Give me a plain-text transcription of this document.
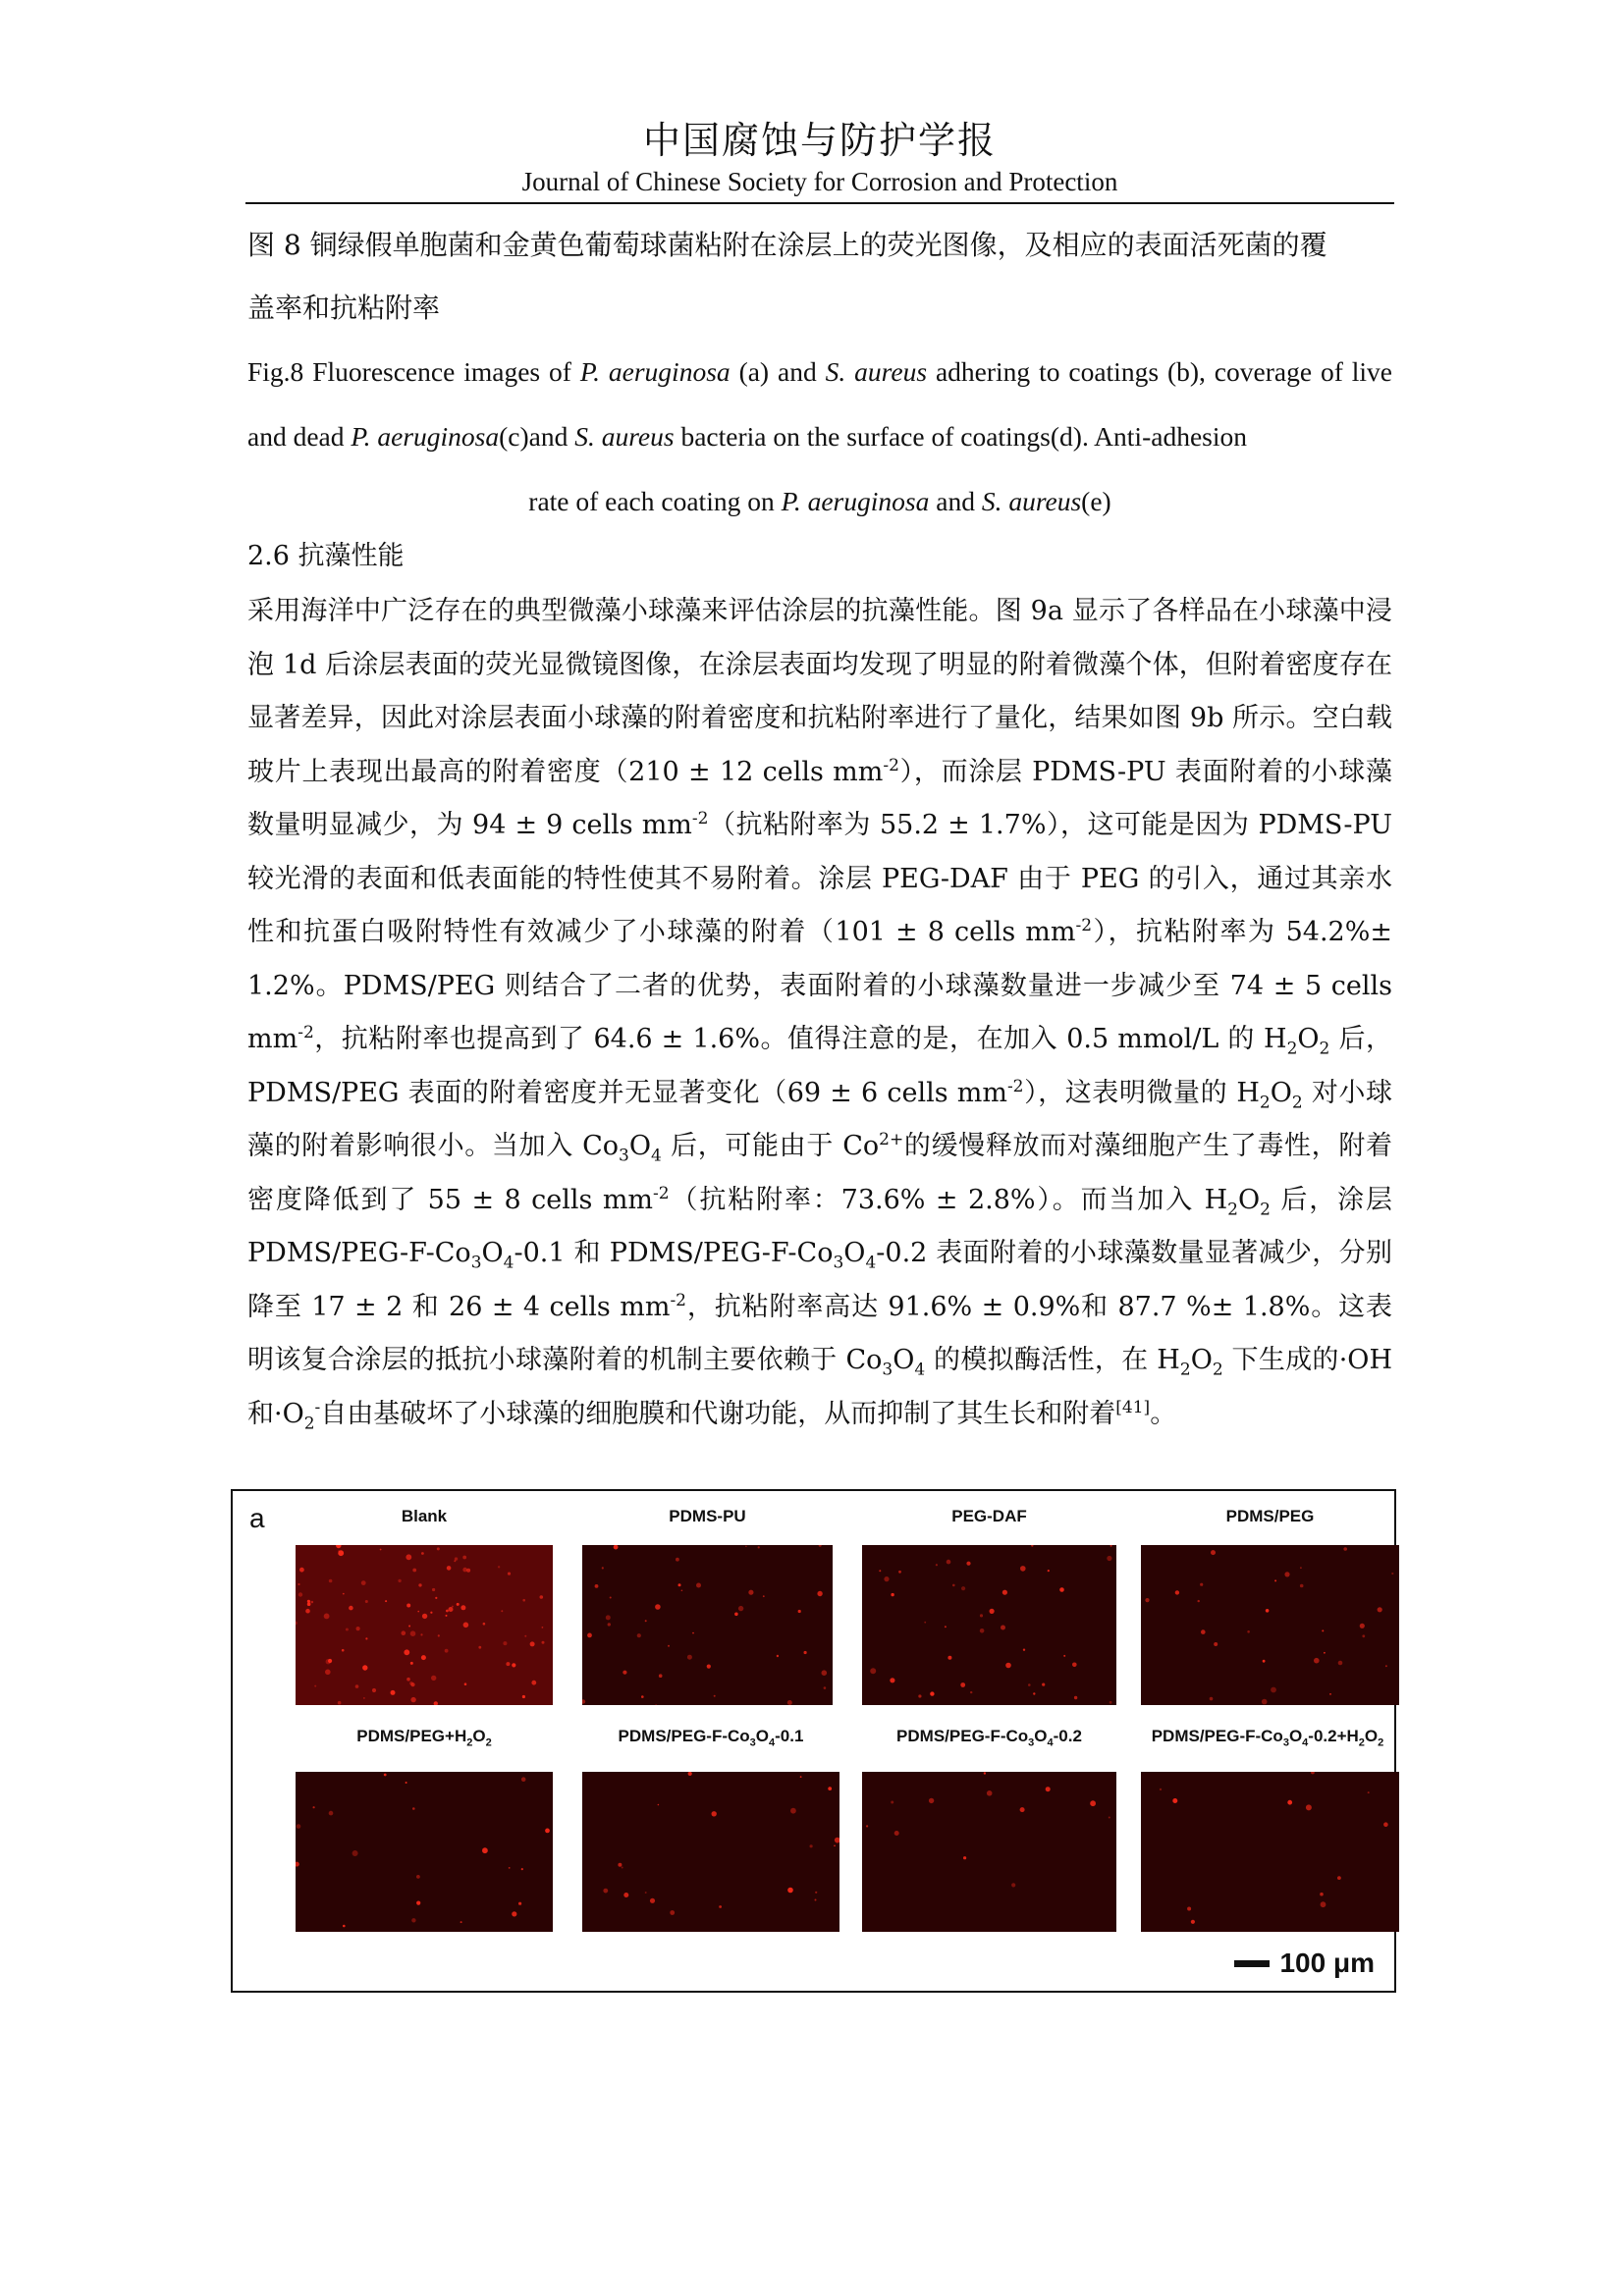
中国腐蚀与防护学报
Journal of Chinese Society for Corrosion and Protection
图 8 铜绿假单胞菌和金黄色葡萄球菌粘附在涂层上的荧光图像，及相应的表面活死菌的覆
盖率和抗粘附率
Fig.8 Fluorescence images of P. aeruginosa (a) and S. aureus adhering to coatings (b), coverage of live and dead P. aeruginosa(c)and S. aureus bacteria on the surface of coatings(d). Anti-adhesion
rate of each coating on P. aeruginosa and S. aureus(e)
2.6 抗藻性能
采用海洋中广泛存在的典型微藻小球藻来评估涂层的抗藻性能。图 9a 显示了各样品在小球藻中浸泡 1d 后涂层表面的荧光显微镜图像，在涂层表面均发现了明显的附着微藻个体，但附着密度存在显著差异，因此对涂层表面小球藻的附着密度和抗粘附率进行了量化，结果如图 9b 所示。空白载玻片上表现出最高的附着密度（210 ± 12 cells $mm^{-2}$），而涂层 PDMS-PU 表面附着的小球藻数量明显减少，为 94 ± 9 cells $mm^{-2}$（抗粘附率为 55.2 ± 1.7%），这可能是因为 PDMS-PU 较光滑的表面和低表面能的特性使其不易附着。涂层 PEG-DAF 由于 PEG 的引入，通过其亲水性和抗蛋白吸附特性有效减少了小球藻的附着（101 ± 8 cells $mm^{-2}$），抗粘附率为 54.2%± 1.2%。PDMS/PEG 则结合了二者的优势，表面附着的小球藻数量进一步减少至 74 ± 5 cells $mm^{-2}$，抗粘附率也提高到了 64.6 ± 1.6%。值得注意的是，在加入 0.5 mmol/L 的 $H_2O_2$ 后，PDMS/PEG 表面的附着密度并无显著变化（69 ± 6 cells $mm^{-2}$），这表明微量的 $H_2O_2$ 对小球藻的附着影响很小。当加入 $Co_3O_4$ 后，可能由于 $Co^{2+}$的缓慢释放而对藻细胞产生了毒性，附着密度降低到了 55 ± 8 cells $mm^{-2}$（抗粘附率：73.6% ± 2.8%）。而当加入 $H_2O_2$ 后，涂层 PDMS/$PEG-F-Co_3O_4-0.1$ 和 PDMS/$PEG-F-Co_3O_4-0.2$ 表面附着的小球藻数量显著减少，分别降至 17 ± 2 和 26 ± 4 cells $mm^{-2}$，抗粘附率高达 91.6% ± 0.9%和 87.7 %± 1.8%。这表明该复合涂层的抵抗小球藻附着的机制主要依赖于 $Co_3O_4$ 的模拟酶活性，在 $H_2O_2$ 下生成的·OH 和$\cdot O_2^-$自由基破坏了小球藻的细胞膜和代谢功能，从而抑制了其生长和附着[41]。
a	Blank	PDMS-PU	PEG-DAF	PDMS/PEG
PDMS/$PEG+H_2O_2$	PDMS/$PEG-F-Co_3O_4-0.1$	PDMS/$PEG-F-Co_3O_4-0.2$	PDMS/$PEG-F-Co_3O_4-0.2+H_2O_2$
100 μm
